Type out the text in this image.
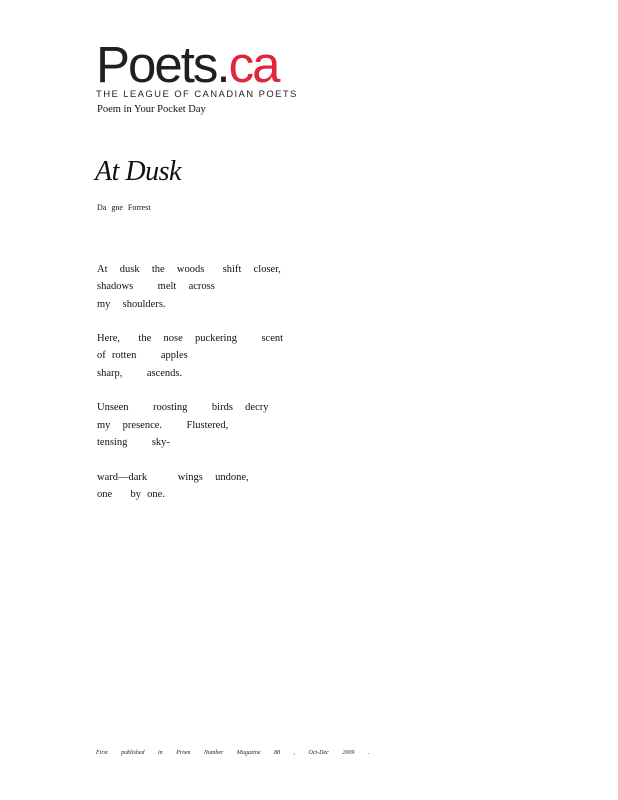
Poets.ca
THE LEAGUE OF CANADIAN POETS
Poem in Your Pocket Day
At Dusk
Da gne Forrest
At  dusk  the  woods   shift  closer,
shadows    melt  across
my  shoulders.
Here,   the  nose  puckering    scent
of rotten    apples
sharp,    ascends.
Unseen    roosting    birds  decry
my  presence.    Flustered,
tensing    sky-
ward—dark     wings  undone,
one   by one.
First published in Prism Number Magazine 88 , Oct-Dec 2009 .
